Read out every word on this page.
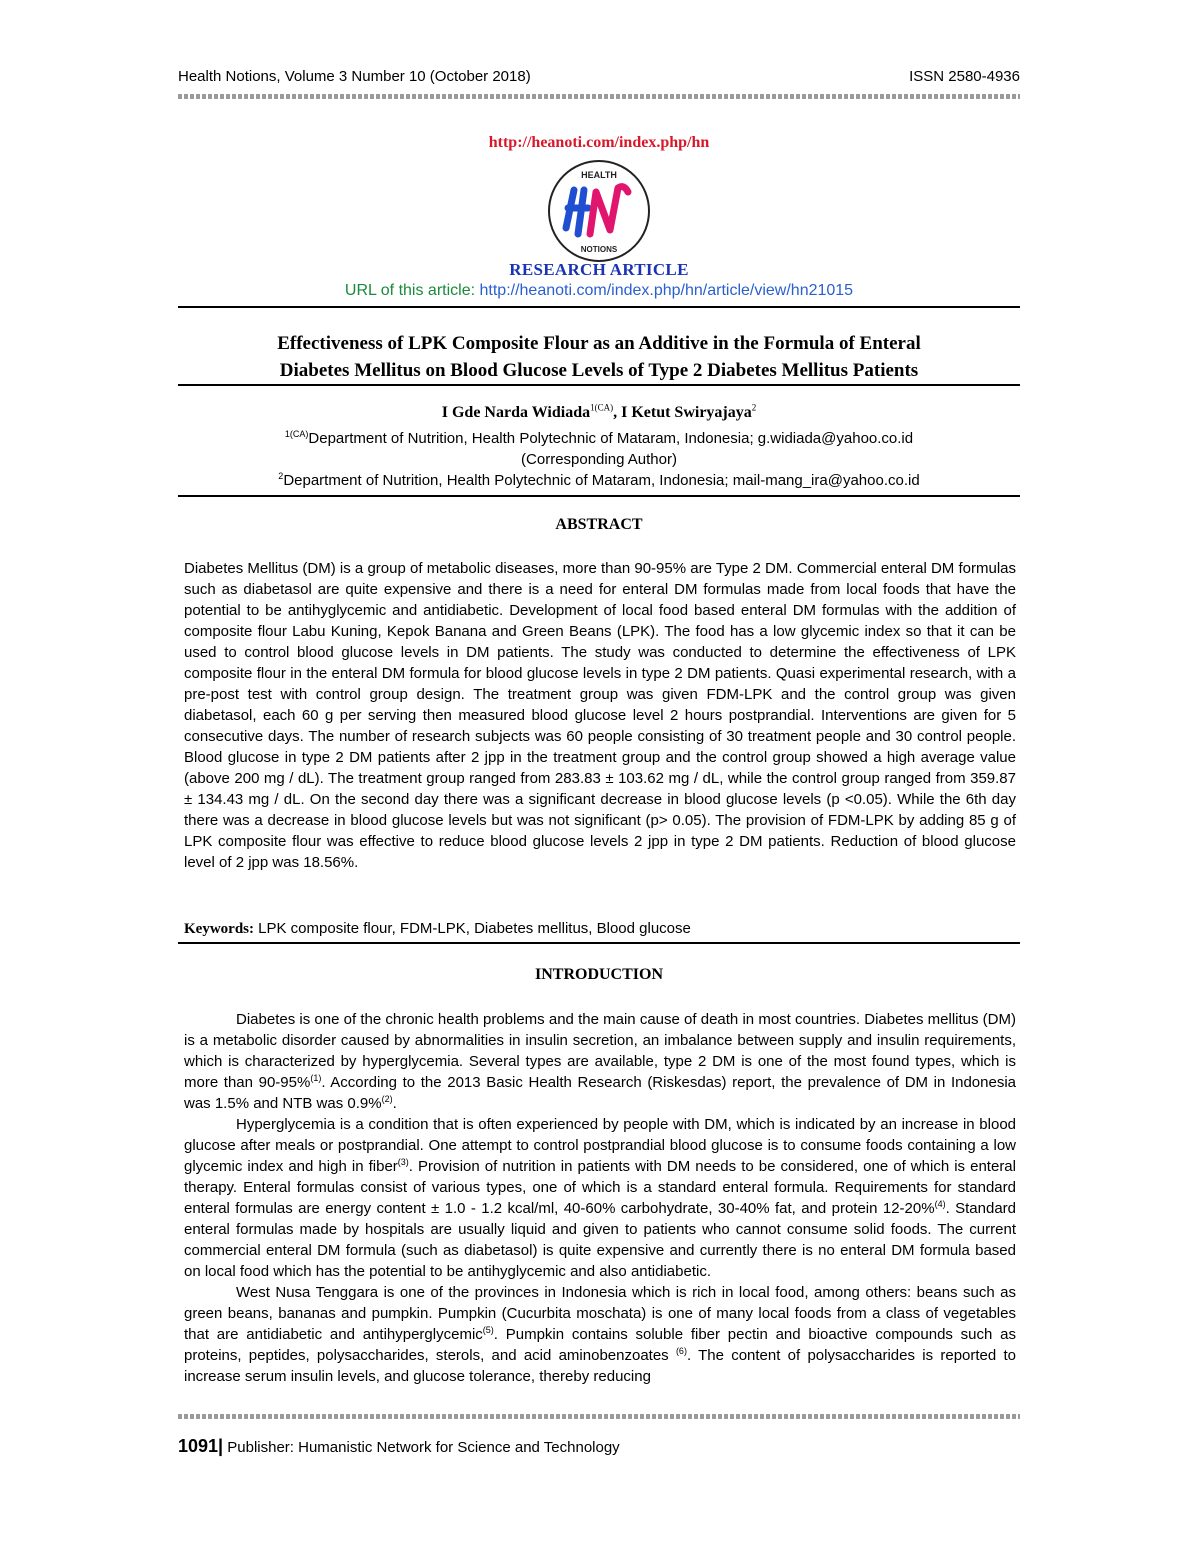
Health Notions, Volume 3 Number 10 (October 2018)	ISSN 2580-4936
http://heanoti.com/index.php/hn
HEALTH
NOTIONS
RESEARCH ARTICLE
URL of this article: http://heanoti.com/index.php/hn/article/view/hn21015
Effectiveness of LPK Composite Flour as an Additive in the Formula of Enteral
Diabetes Mellitus on Blood Glucose Levels of Type 2 Diabetes Mellitus Patients
I Gde Narda Widiada$^{1(CA)}$, I Ketut Swiryajaya$^2$
$^{1(CA)}$Department of Nutrition, Health Polytechnic of Mataram, Indonesia; g.widiada@yahoo.co.id
(Corresponding Author)
$^2$Department of Nutrition, Health Polytechnic of Mataram, Indonesia; mail-mang_ira@yahoo.co.id
ABSTRACT

Diabetes Mellitus (DM) is a group of metabolic diseases, more than 90-95% are Type 2 DM. Commercial enteral DM formulas such as diabetasol are quite expensive and there is a need for enteral DM formulas made from local foods that have the potential to be antihyglycemic and antidiabetic. Development of local food based enteral DM formulas with the addition of composite flour Labu Kuning, Kepok Banana and Green Beans (LPK). The food has a low glycemic index so that it can be used to control blood glucose levels in DM patients. The study was conducted to determine the effectiveness of LPK composite flour in the enteral DM formula for blood glucose levels in type 2 DM patients. Quasi experimental research, with a pre-post test with control group design. The treatment group was given FDM-LPK and the control group was given diabetasol, each 60 g per serving then measured blood glucose level 2 hours postprandial. Interventions are given for 5 consecutive days. The number of research subjects was 60 people consisting of 30 treatment people and 30 control people. Blood glucose in type 2 DM patients after 2 jpp in the treatment group and the control group showed a high average value (above 200 mg / dL). The treatment group ranged from 283.83 ± 103.62 mg / dL, while the control group ranged from 359.87 ± 134.43 mg / dL. On the second day there was a significant decrease in blood glucose levels (p <0.05). While the 6th day there was a decrease in blood glucose levels but was not significant (p> 0.05). The provision of FDM-LPK by adding 85 g of LPK composite flour was effective to reduce blood glucose levels 2 jpp in type 2 DM patients. Reduction of blood glucose level of 2 jpp was 18.56%.

Keywords: LPK composite flour, FDM-LPK, Diabetes mellitus, Blood glucose
INTRODUCTION

Diabetes is one of the chronic health problems and the main cause of death in most countries. Diabetes mellitus (DM) is a metabolic disorder caused by abnormalities in insulin secretion, an imbalance between supply and insulin requirements, which is characterized by hyperglycemia. Several types are available, type 2 DM is one of the most found types, which is more than 90-95%$^{(1)}$. According to the 2013 Basic Health Research (Riskesdas) report, the prevalence of DM in Indonesia was 1.5% and NTB was 0.9%$^{(2)}$.

Hyperglycemia is a condition that is often experienced by people with DM, which is indicated by an increase in blood glucose after meals or postprandial. One attempt to control postprandial blood glucose is to consume foods containing a low glycemic index and high in fiber$^{(3)}$. Provision of nutrition in patients with DM needs to be considered, one of which is enteral therapy. Enteral formulas consist of various types, one of which is a standard enteral formula. Requirements for standard enteral formulas are energy content ± 1.0 - 1.2 kcal/ml, 40-60% carbohydrate, 30-40% fat, and protein 12-20%$^{(4)}$. Standard enteral formulas made by hospitals are usually liquid and given to patients who cannot consume solid foods. The current commercial enteral DM formula (such as diabetasol) is quite expensive and currently there is no enteral DM formula based on local food which has the potential to be antihyglycemic and also antidiabetic.

West Nusa Tenggara is one of the provinces in Indonesia which is rich in local food, among others: beans such as green beans, bananas and pumpkin. Pumpkin (Cucurbita moschata) is one of many local foods from a class of vegetables that are antidiabetic and antihyperglycemic$^{(5)}$. Pumpkin contains soluble fiber pectin and bioactive compounds such as proteins, peptides, polysaccharides, sterols, and acid aminobenzoates $^{(6)}$. The content of polysaccharides is reported to increase serum insulin levels, and glucose tolerance, thereby reducing

1091| Publisher: Humanistic Network for Science and Technology
